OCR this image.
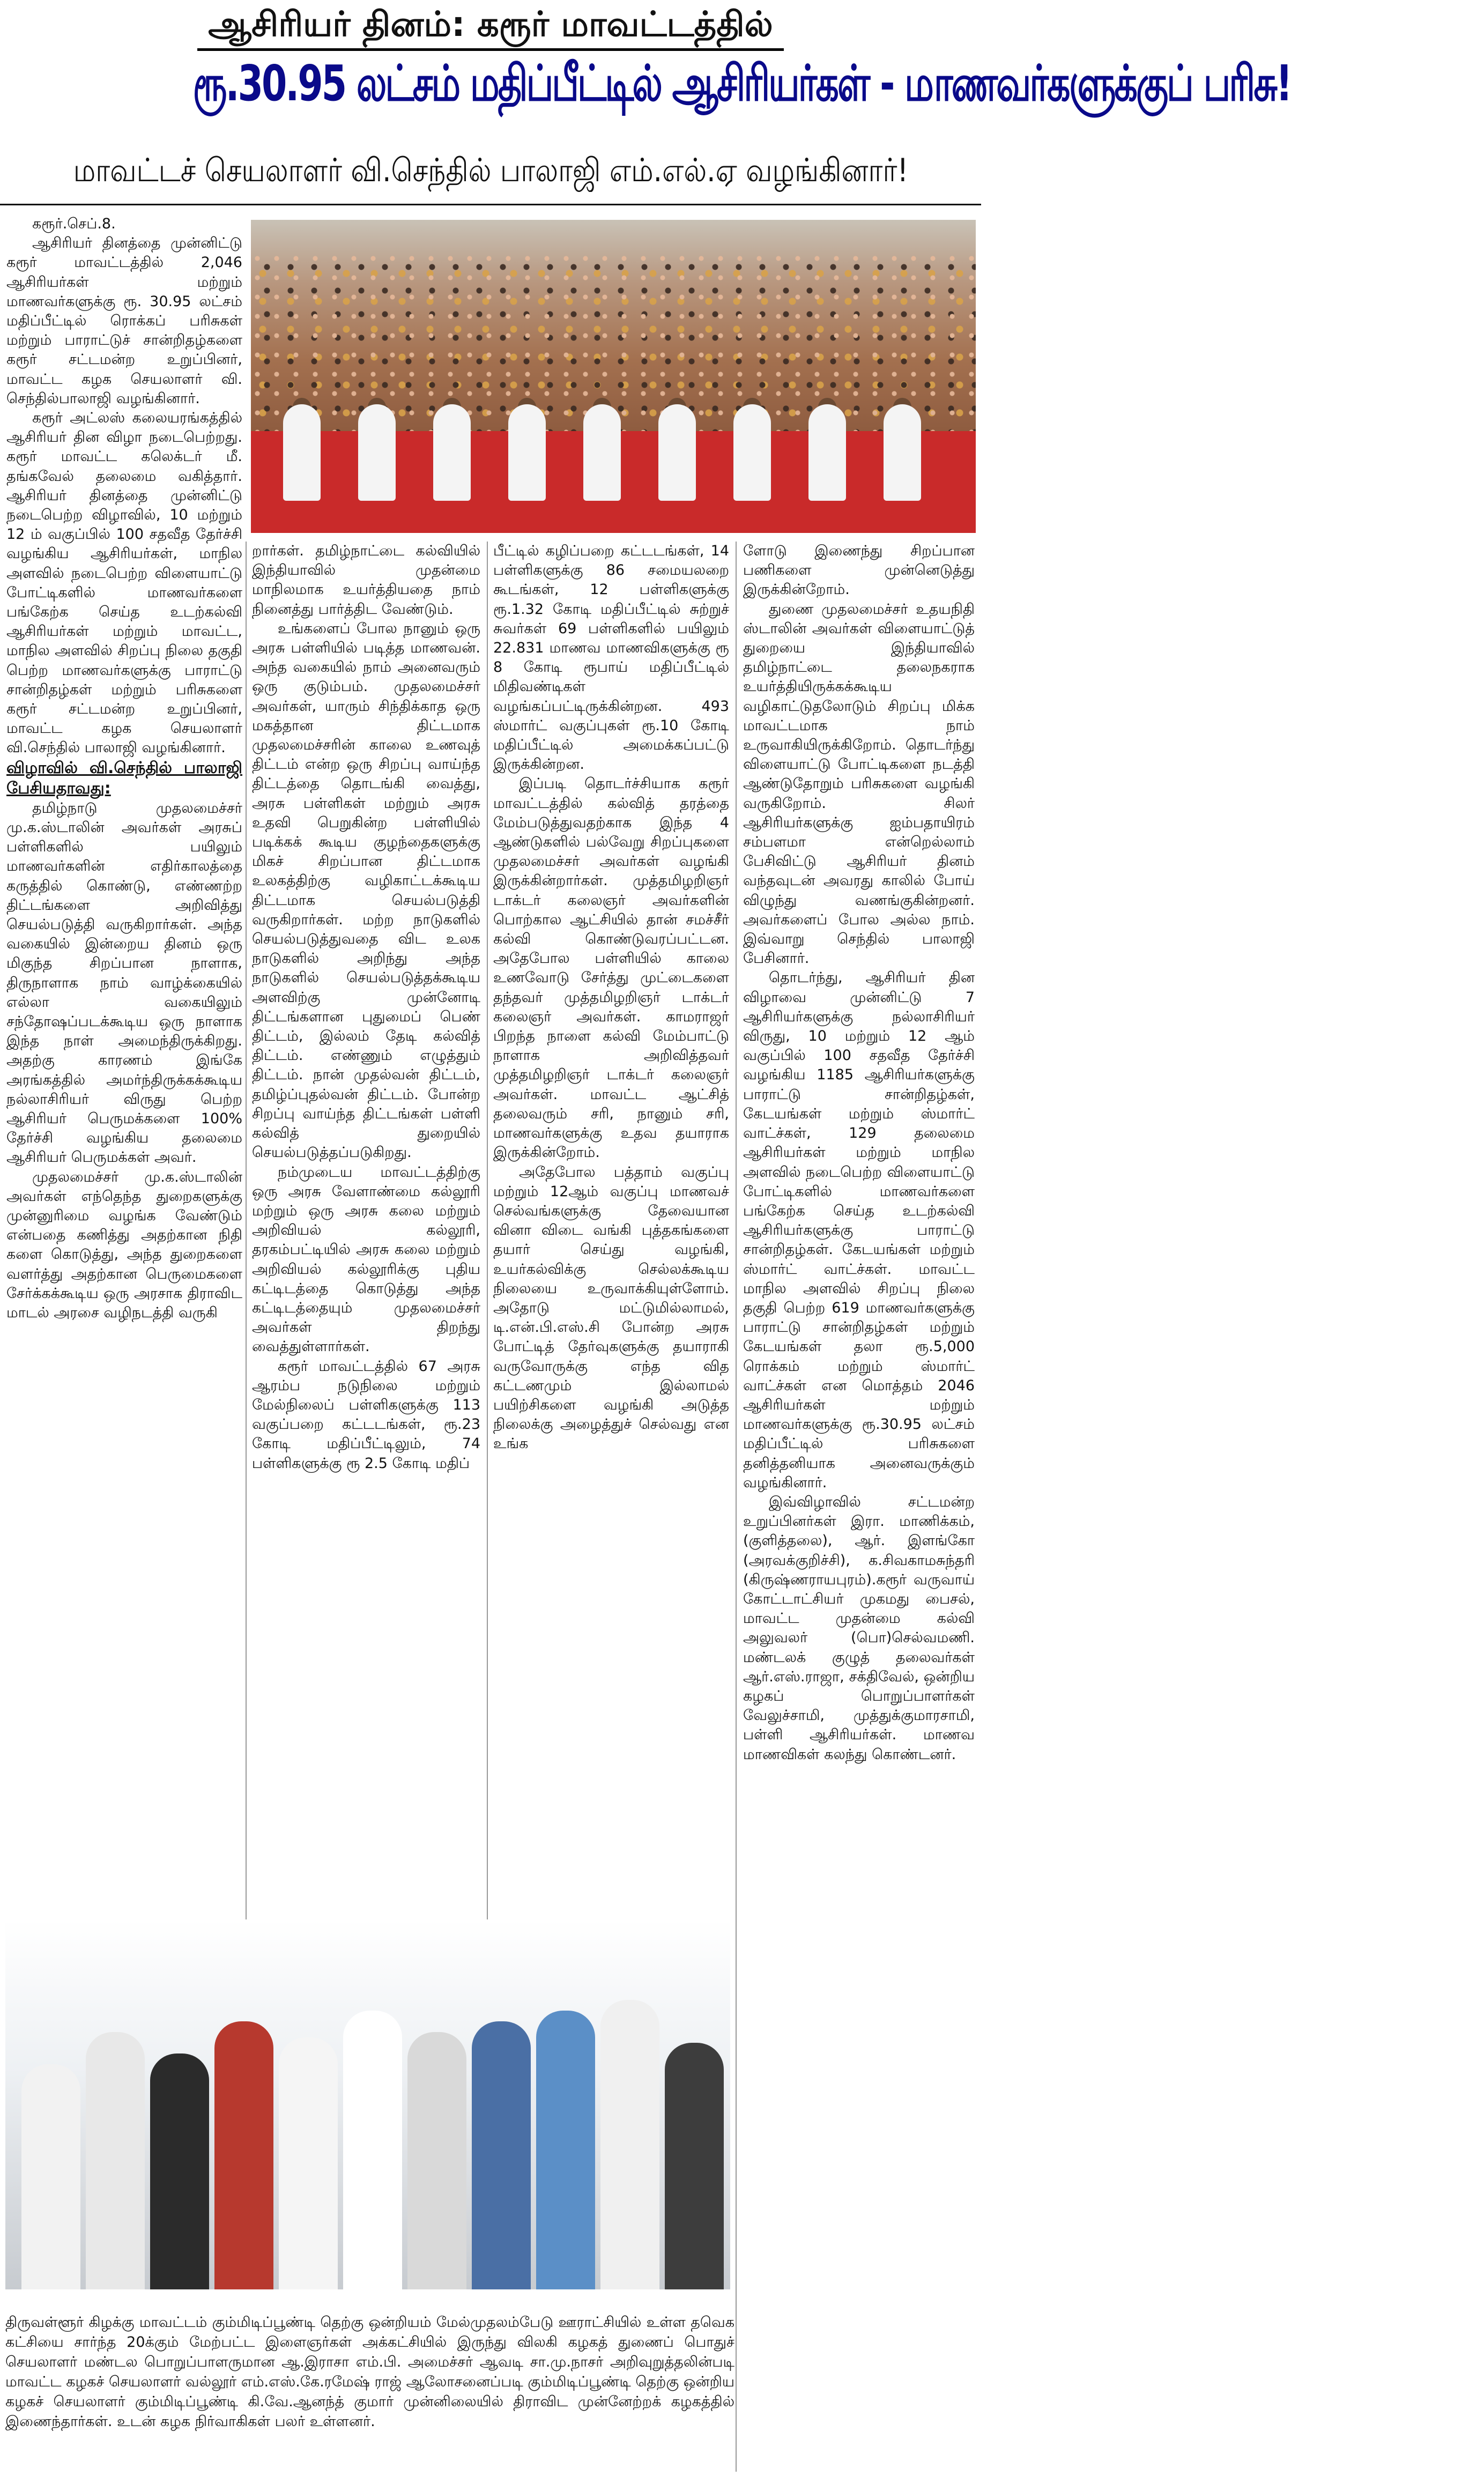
ஆசிரியர் தினம்: கரூர் மாவட்டத்தில்
ரூ.30.95 லட்சம் மதிப்பீட்டில் ஆசிரியர்கள் - மாணவர்களுக்குப் பரிசு!
மாவட்டச் செயலாளர் வி.செந்தில் பாலாஜி எம்.எல்.ஏ வழங்கினார்!

கரூர்.செப்.8.

ஆசிரியர் தினத்தை முன்னிட்டு கரூர் மாவட்டத்தில் 2,046 ஆசிரியர்கள் மற்றும் மாணவர்களுக்கு ரூ. 30.95 லட்சம் மதிப்பீட்டில் ரொக்கப் பரிசுகள் மற்றும் பாராட்டுச் சான்றிதழ்களை கரூர் சட்டமன்ற உறுப்பினர், மாவட்ட கழக செயலாளர் வி. செந்தில்பாலாஜி வழங்கினார்.

கரூர் அட்லஸ் கலையரங்கத்தில் ஆசிரியர் தின விழா நடைபெற்றது. கரூர் மாவட்ட கலெக்டர் மீ. தங்கவேல் தலைமை வகித்தார். ஆசிரியர் தினத்தை முன்னிட்டு நடைபெற்ற விழாவில், 10 மற்றும் 12 ம் வகுப்பில் 100 சதவீத தேர்ச்சி வழங்கிய ஆசிரியர்கள், மாநில அளவில் நடைபெற்ற விளையாட்டு போட்டிகளில் மாணவர்களை பங்கேற்க செய்த உடற்கல்வி ஆசிரியர்கள் மற்றும் மாவட்ட, மாநில அளவில் சிறப்பு நிலை தகுதி பெற்ற மாணவர்களுக்கு பாராட்டு சான்றிதழ்கள் மற்றும் பரிசுகளை கரூர் சட்டமன்ற உறுப்பினர், மாவட்ட கழக செயலாளர் வி.செந்தில் பாலாஜி வழங்கினார்.

விழாவில் வி.செந்தில் பாலாஜி பேசியதாவது:

தமிழ்நாடு முதலமைச்சர் மு.க.ஸ்டாலின் அவர்கள் அரசுப் பள்ளிகளில் பயிலும் மாணவர்களின் எதிர்காலத்தை கருத்தில் கொண்டு, எண்ணற்ற திட்டங்களை அறிவித்து செயல்படுத்தி வருகிறார்கள். அந்த வகையில் இன்றைய தினம் ஒரு மிகுந்த சிறப்பான நாளாக, திருநாளாக நாம் வாழ்க்கையில் எல்லா வகையிலும் சந்தோஷப்படக்கூடிய ஒரு நாளாக இந்த நாள் அமைந்திருக்கிறது. அதற்கு காரணம் இங்கே அரங்கத்தில் அமர்ந்திருக்கக்கூடிய நல்லாசிரியர் விருது பெற்ற ஆசிரியர் பெருமக்களை 100% தேர்ச்சி வழங்கிய தலைமை ஆசிரியர் பெருமக்கள் அவர்.

முதலமைச்சர் மு.க.ஸ்டாலின் அவர்கள் எந்தெந்த துறைகளுக்கு முன்னுரிமை வழங்க வேண்டும் என்பதை கணித்து அதற்கான நிதி களை கொடுத்து, அந்த துறைகளை வளர்த்து அதற்கான பெருமைகளை சேர்க்கக்கூடிய ஒரு அரசாக திராவிட மாடல் அரசை வழிநடத்தி வருகி

றார்கள். தமிழ்நாட்டை கல்வியில் இந்தியாவில் முதன்மை மாநிலமாக உயர்த்தியதை நாம் நினைத்து பார்த்திட வேண்டும்.

உங்களைப் போல நானும் ஒரு அரசு பள்ளியில் படித்த மாணவன். அந்த வகையில் நாம் அனைவரும் ஒரு குடும்பம். முதலமைச்சர் அவர்கள், யாரும் சிந்திக்காத ஒரு மகத்தான திட்டமாக முதலமைச்சரின் காலை உணவுத் திட்டம் என்ற ஒரு சிறப்பு வாய்ந்த திட்டத்தை தொடங்கி வைத்து, அரசு பள்ளிகள் மற்றும் அரசு உதவி பெறுகின்ற பள்ளியில் படிக்கக் கூடிய குழந்தைகளுக்கு மிகச் சிறப்பான திட்டமாக உலகத்திற்கு வழிகாட்டக்கூடிய திட்டமாக செயல்படுத்தி வருகிறார்கள். மற்ற நாடுகளில் செயல்படுத்துவதை விட உலக நாடுகளில் அறிந்து அந்த நாடுகளில் செயல்படுத்தக்கூடிய அளவிற்கு முன்னோடி திட்டங்களான புதுமைப் பெண் திட்டம், இல்லம் தேடி கல்வித் திட்டம். எண்ணும் எழுத்தும் திட்டம். நான் முதல்வன் திட்டம், தமிழ்ப்புதல்வன் திட்டம். போன்ற சிறப்பு வாய்ந்த திட்டங்கள் பள்ளி கல்வித் துறையில் செயல்படுத்தப்படுகிறது.

நம்முடைய மாவட்டத்திற்கு ஒரு அரசு வேளாண்மை கல்லூரி மற்றும் ஒரு அரசு கலை மற்றும் அறிவியல் கல்லூரி, தரகம்பட்டியில் அரசு கலை மற்றும் அறிவியல் கல்லூரிக்கு புதிய கட்டிடத்தை கொடுத்து அந்த கட்டிடத்தையும் முதலமைச்சர் அவர்கள் திறந்து வைத்துள்ளார்கள்.

கரூர் மாவட்டத்தில் 67 அரசு ஆரம்ப நடுநிலை மற்றும் மேல்நிலைப் பள்ளிகளுக்கு 113 வகுப்பறை கட்டடங்கள், ரூ.23 கோடி மதிப்பீட்டிலும், 74 பள்ளிகளுக்கு ரூ 2.5 கோடி மதிப்

பீட்டில் கழிப்பறை கட்டடங்கள், 14 பள்ளிகளுக்கு 86 சமையலறை கூடங்கள், 12 பள்ளிகளுக்கு ரூ.1.32 கோடி மதிப்பீட்டில் சுற்றுச் சுவர்கள் 69 பள்ளிகளில் பயிலும் 22.831 மாணவ மாணவிகளுக்கு ரூ 8 கோடி ரூபாய் மதிப்பீட்டில் மிதிவண்டிகள் வழங்கப்பட்டிருக்கின்றன. 493 ஸ்மார்ட் வகுப்புகள் ரூ.10 கோடி மதிப்பீட்டில் அமைக்கப்பட்டு இருக்கின்றன.

இப்படி தொடர்ச்சியாக கரூர் மாவட்டத்தில் கல்வித் தரத்தை மேம்படுத்துவதற்காக இந்த 4 ஆண்டுகளில் பல்வேறு சிறப்புகளை முதலமைச்சர் அவர்கள் வழங்கி இருக்கின்றார்கள். முத்தமிழறிஞர் டாக்டர் கலைஞர் அவர்களின் பொற்கால ஆட்சியில் தான் சமச்சீர் கல்வி கொண்டுவரப்பட்டன. அதேபோல பள்ளியில் காலை உணவோடு சேர்த்து முட்டைகளை தந்தவர் முத்தமிழறிஞர் டாக்டர் கலைஞர் அவர்கள். காமராஜர் பிறந்த நாளை கல்வி மேம்பாட்டு நாளாக அறிவித்தவர் முத்தமிழறிஞர் டாக்டர் கலைஞர் அவர்கள். மாவட்ட ஆட்சித் தலைவரும் சரி, நானும் சரி, மாணவர்களுக்கு உதவ தயாராக இருக்கின்றோம்.

அதேபோல பத்தாம் வகுப்பு மற்றும் 12ஆம் வகுப்பு மாணவச் செல்வங்களுக்கு தேவையான வினா விடை வங்கி புத்தகங்களை தயார் செய்து வழங்கி, உயர்கல்விக்கு செல்லக்கூடிய நிலையை உருவாக்கியுள்ளோம். அதோடு மட்டுமில்லாமல், டி.என்.பி.எஸ்.சி போன்ற அரசு போட்டித் தேர்வுகளுக்கு தயாராகி வருவோருக்கு எந்த வித கட்டணமும் இல்லாமல் பயிற்சிகளை வழங்கி அடுத்த நிலைக்கு அழைத்துச் செல்வது என உங்க

ளோடு இணைந்து சிறப்பான பணிகளை முன்னெடுத்து இருக்கின்றோம்.

துணை முதலமைச்சர் உதயநிதி ஸ்டாலின் அவர்கள் விளையாட்டுத் துறையை இந்தியாவில் தமிழ்நாட்டை தலைநகராக உயர்த்தியிருக்கக்கூடிய வழிகாட்டுதலோடும் சிறப்பு மிக்க மாவட்டமாக நாம் உருவாகியிருக்கிறோம். தொடர்ந்து விளையாட்டு போட்டிகளை நடத்தி ஆண்டுதோறும் பரிசுகளை வழங்கி வருகிறோம். சிலர் ஆசிரியர்களுக்கு ஐம்பதாயிரம் சம்பளமா என்றெல்லாம் பேசிவிட்டு ஆசிரியர் தினம் வந்தவுடன் அவரது காலில் போய் விழுந்து வணங்குகின்றனர். அவர்களைப் போல அல்ல நாம். இவ்வாறு செந்தில் பாலாஜி பேசினார்.

தொடர்ந்து, ஆசிரியர் தின விழாவை முன்னிட்டு 7 ஆசிரியர்களுக்கு நல்லாசிரியர் விருது, 10 மற்றும் 12 ஆம் வகுப்பில் 100 சதவீத தேர்ச்சி வழங்கிய 1185 ஆசிரியர்களுக்கு பாராட்டு சான்றிதழ்கள், கேடயங்கள் மற்றும் ஸ்மார்ட் வாட்ச்கள், 129 தலைமை ஆசிரியர்கள் மற்றும் மாநில அளவில் நடைபெற்ற விளையாட்டு போட்டிகளில் மாணவர்களை பங்கேற்க செய்த உடற்கல்வி ஆசிரியர்களுக்கு பாராட்டு சான்றிதழ்கள். கேடயங்கள் மற்றும் ஸ்மார்ட் வாட்ச்கள். மாவட்ட மாநில அளவில் சிறப்பு நிலை தகுதி பெற்ற 619 மாணவர்களுக்கு பாராட்டு சான்றிதழ்கள் மற்றும் கேடயங்கள் தலா ரூ.5,000 ரொக்கம் மற்றும் ஸ்மார்ட் வாட்ச்கள் என மொத்தம் 2046 ஆசிரியர்கள் மற்றும் மாணவர்களுக்கு ரூ.30.95 லட்சம் மதிப்பீட்டில் பரிசுகளை தனித்தனியாக அனைவருக்கும் வழங்கினார்.

இவ்விழாவில் சட்டமன்ற உறுப்பினர்கள் இரா. மாணிக்கம், (குளித்தலை), ஆர். இளங்கோ (அரவக்குறிச்சி), க.சிவகாமசுந்தரி (கிருஷ்ணராயபுரம்).கரூர் வருவாய் கோட்டாட்சியர் முகமது பைசல், மாவட்ட முதன்மை கல்வி அலுவலர் (பொ)செல்வமணி. மண்டலக் குழுத் தலைவர்கள் ஆர்.எஸ்.ராஜா, சக்திவேல், ஒன்றிய கழகப் பொறுப்பாளர்கள் வேலுச்சாமி, முத்துக்குமாரசாமி, பள்ளி ஆசிரியர்கள். மாணவ மாணவிகள் கலந்து கொண்டனர்.

திருவள்ளூர் கிழக்கு மாவட்டம் கும்மிடிப்பூண்டி தெற்கு ஒன்றியம் மேல்முதலம்பேடு ஊராட்சியில் உள்ள தவெக கட்சியை சார்ந்த 20க்கும் மேற்பட்ட இளைஞர்கள் அக்கட்சியில் இருந்து விலகி கழகத் துணைப் பொதுச் செயலாளர் மண்டல பொறுப்பாளருமான ஆ.இராசா எம்.பி. அமைச்சர் ஆவடி சா.மு.நாசர் அறிவுறுத்தலின்படி மாவட்ட கழகச் செயலாளர் வல்லூர் எம்.எஸ்.கே.ரமேஷ் ராஜ் ஆலோசனைப்படி கும்மிடிப்பூண்டி தெற்கு ஒன்றிய கழகச் செயலாளர் கும்மிடிப்பூண்டி கி.வே.ஆனந்த் குமார் முன்னிலையில் திராவிட முன்னேற்றக் கழகத்தில் இணைந்தார்கள். உடன் கழக நிர்வாகிகள் பலர் உள்ளனர்.
